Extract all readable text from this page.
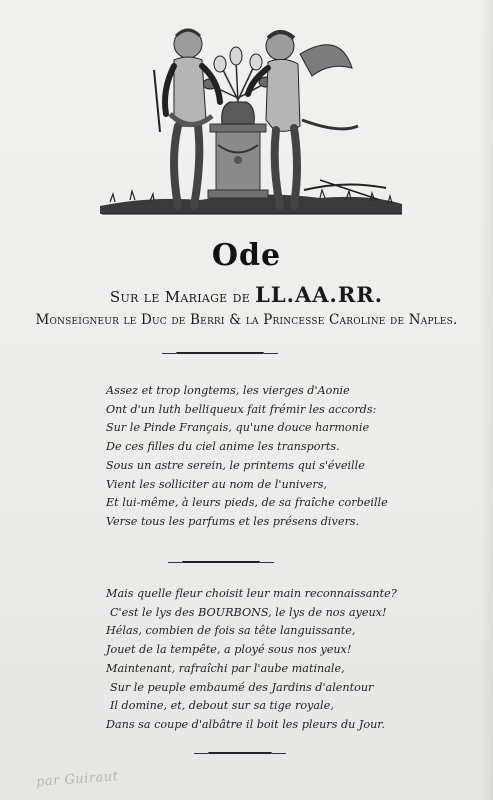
Ode
Sur le Mariage de LL.AA.RR.
Monseigneur le Duc de Berri & la Princesse Caroline de Naples.
Assez et trop longtems, les vierges d'Aonie
Ont d'un luth belliqueux fait frémir les accords:
Sur le Pinde Français, qu'une douce harmonie
De ces filles du ciel anime les transports.
Sous un astre serein, le printems qui s'éveille
Vient les solliciter au nom de l'univers,
Et lui-même, à leurs pieds, de sa fraîche corbeille
Verse tous les parfums et les présens divers.
Mais quelle fleur choisit leur main reconnaissante?
C'est le lys des BOURBONS, le lys de nos ayeux!
Hélas, combien de fois sa tête languissante,
Jouet de la tempête, a ployé sous nos yeux!
Maintenant, rafraîchi par l'aube matinale,
Sur le peuple embaumé des Jardins d'alentour
Il domine, et, debout sur sa tige royale,
Dans sa coupe d'albâtre il boit les pleurs du Jour.
par Guiraut
